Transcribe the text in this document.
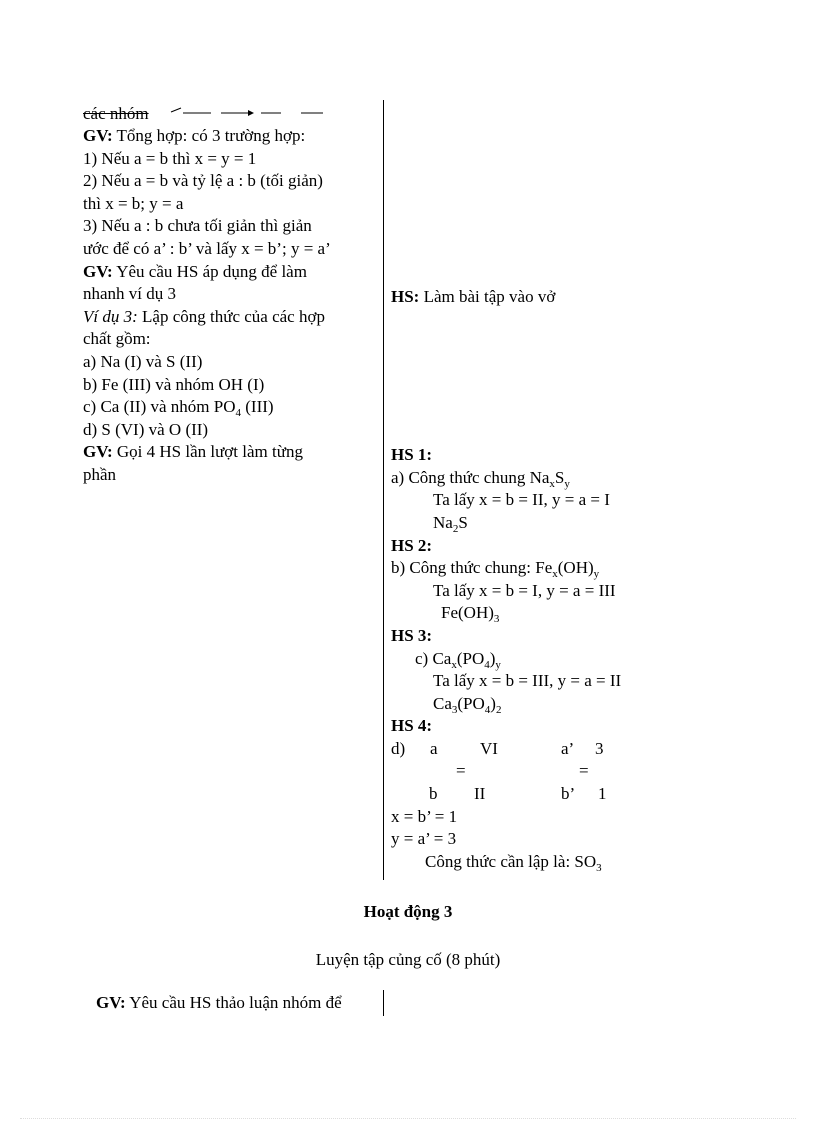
các nhóm
GV: Tổng hợp: có 3 trường hợp:
1) Nếu a = b thì x = y = 1
2) Nếu a = b và tỷ lệ a : b (tối giản)
thì x = b; y = a
3) Nếu a : b chưa tối giản thì giản
ước để có a’ : b’ và lấy x = b’; y = a’
GV: Yêu cầu HS áp dụng để làm
nhanh ví dụ 3
Ví dụ 3: Lập công thức của các hợp
chất gồm:
a) Na (I) và S (II)
b) Fe (III) và nhóm OH (I)
c) Ca (II) và nhóm $PO_4$ (III)
d) S (VI) và O (II)
GV: Gọi 4 HS lần lượt làm từng
phần
HS: Làm bài tập vào vở
HS 1:
a) Công thức chung $Na_xS_y$
Ta lấy x = b = II, y = a = I
$Na_2S$
HS 2:
b) Công thức chung: $Fe_x(OH)_y$
Ta lấy x = b = I, y = a = III
$Fe(OH)_3$
HS 3:
c) $Ca_x(PO_4)_y$
Ta lấy x = b = III, y = a = II
$Ca_3(PO_4)_2$
HS 4:
d) a VI	a’ 3
=	=
b II	b’ 1
x = b’ = 1
y = a’ = 3
Công thức cần lập là: $SO_3$
Hoạt động 3
Luyện tập củng cố (8 phút)
GV: Yêu cầu HS thảo luận nhóm để
